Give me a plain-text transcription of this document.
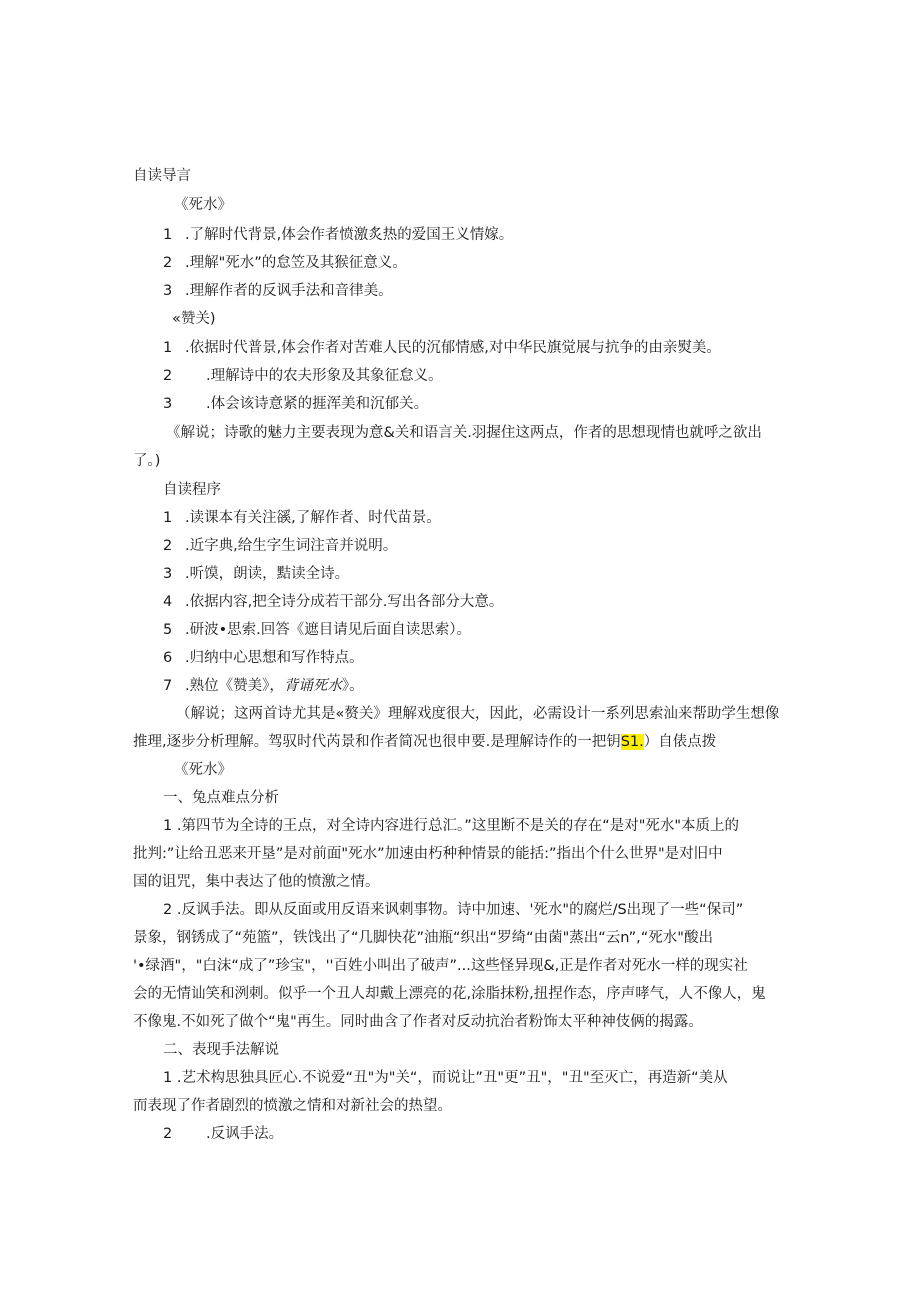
自读导言
《死水》
1 .了解时代背景,体会作者愤激炙热的爱国王义情嫁。
2 .理解"死水”的怠笠及其猴征意义。
3 .理解作者的反讽手法和音律美。
«赞关)
1 .依据时代普景,体会作者对苦难人民的沉郁情感,对中华民旗觉展与抗争的由亲熨美。
2 .理解诗中的农夫形象及其象征怠义。
3 .体会该诗意紧的捱浑美和沉郁关。
《解说；诗歌的魅力主要表现为意&关和语言关.羽握住这两点，作者的思想现情也就呼之欲出
了。)
自读程序
1 .读课本有关注豀,了解作者、时代苗景。
2 .近字典,给生字生词注音并说明。
3 .听馍，朗读，黠读全诗。
4 .依据内容,把全诗分成若干部分.写出各部分大意。
5 .研波•思索.回答《遮目请见后面自读思索）。
6 .归纳中心思想和写作特点。
7 .熟位《赞美》，背诵死水》。
（解说；这两首诗尤其是«赘关》理解戏度很大，因此，必需设计一系列思索汕来帮助学生想像
推理,逐步分析理解。驾驭时代芮景和作者简况也很申要.是理解诗作的一把钥S1.）自俵点拨
《死水》
一、兔点难点分析
1 .第四节为全诗的王点，对全诗内容进行总汇。”这里断不是关的存在“是对"死水"本质上的
批判:”让给丑恶来开垦”是对前面"死水”加速由朽种种情景的能括:”指出个什么世界"是对旧中
国的诅咒，集中表达了他的愤激之情。
2 .反讽手法。即从反面或用反语来讽刺事物。诗中加速、'死水"的腐烂/S出现了一些“保司”
景象，钢锈成了“苑篮”，铁饯出了“几脚快花”油瓶“织出“罗绮“由菌"蒸出“云n”,“死水"酸出
'•绿酒"，"白沫“成了”珍宝"，''百姓小叫出了破声”...这些怪异现&,正是作者对死水一样的现实社
会的无情讪笑和洌刺。似乎一个丑人却戴上漂亮的花,涂脂抹粉,扭捏作态，序声哮气，人不像人，鬼
不像鬼.不如死了做个“鬼"再生。同时曲含了作者对反动抗治者粉饰太平种神伎俩的揭露。
二、表现手法解说
1 .艺术构思独具匠心.不说爱“丑"为"关“，而说让”丑"更”丑"，"丑"至灭亡，再造新“美从
而表现了作者剧烈的愤激之情和对新社会的热望。
2 .反讽手法。
